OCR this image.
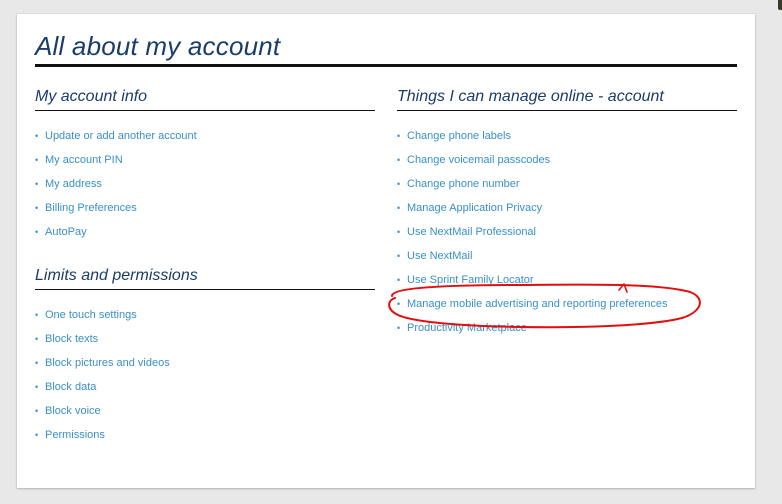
All about my account
My account info
• Update or add another account
• My account PIN
• My address
• Billing Preferences
• AutoPay
Limits and permissions
• One touch settings
• Block texts
• Block pictures and videos
• Block data
• Block voice
• Permissions
Things I can manage online - account
• Change phone labels
• Change voicemail passcodes
• Change phone number
• Manage Application Privacy
• Use NextMail Professional
• Use NextMail
• Use Sprint Family Locator
• Manage mobile advertising and reporting preferences
• Productivity Marketplace
